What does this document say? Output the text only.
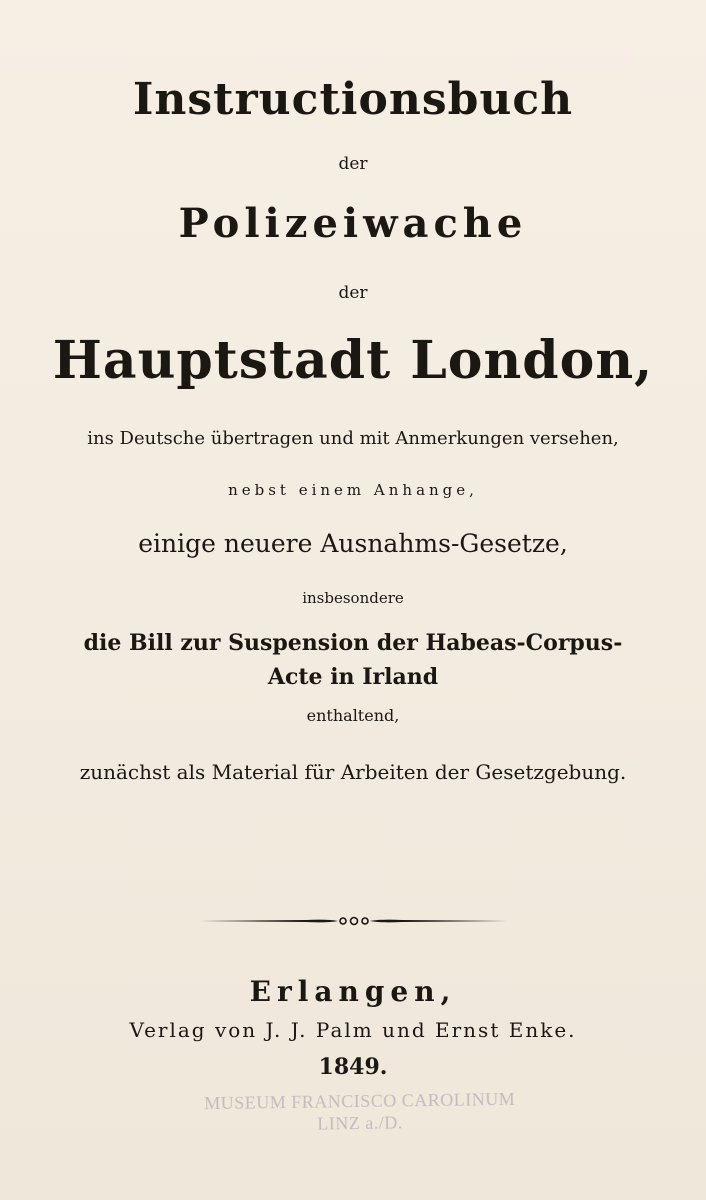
Instructionsbuch
der
Polizeiwache
der
Hauptstadt London,
ins Deutsche übertragen und mit Anmerkungen versehen,
nebst einem Anhange,
einige neuere Ausnahms-Gesetze,
insbesondere
die Bill zur Suspension der Habeas-Corpus-
Acte in Irland
enthaltend,
zunächst als Material für Arbeiten der Gesetzgebung.
Erlangen,
Verlag von J. J. Palm und Ernst Enke.
1849.
MUSEUM FRANCISCO CAROLINUM
LINZ a./D.
